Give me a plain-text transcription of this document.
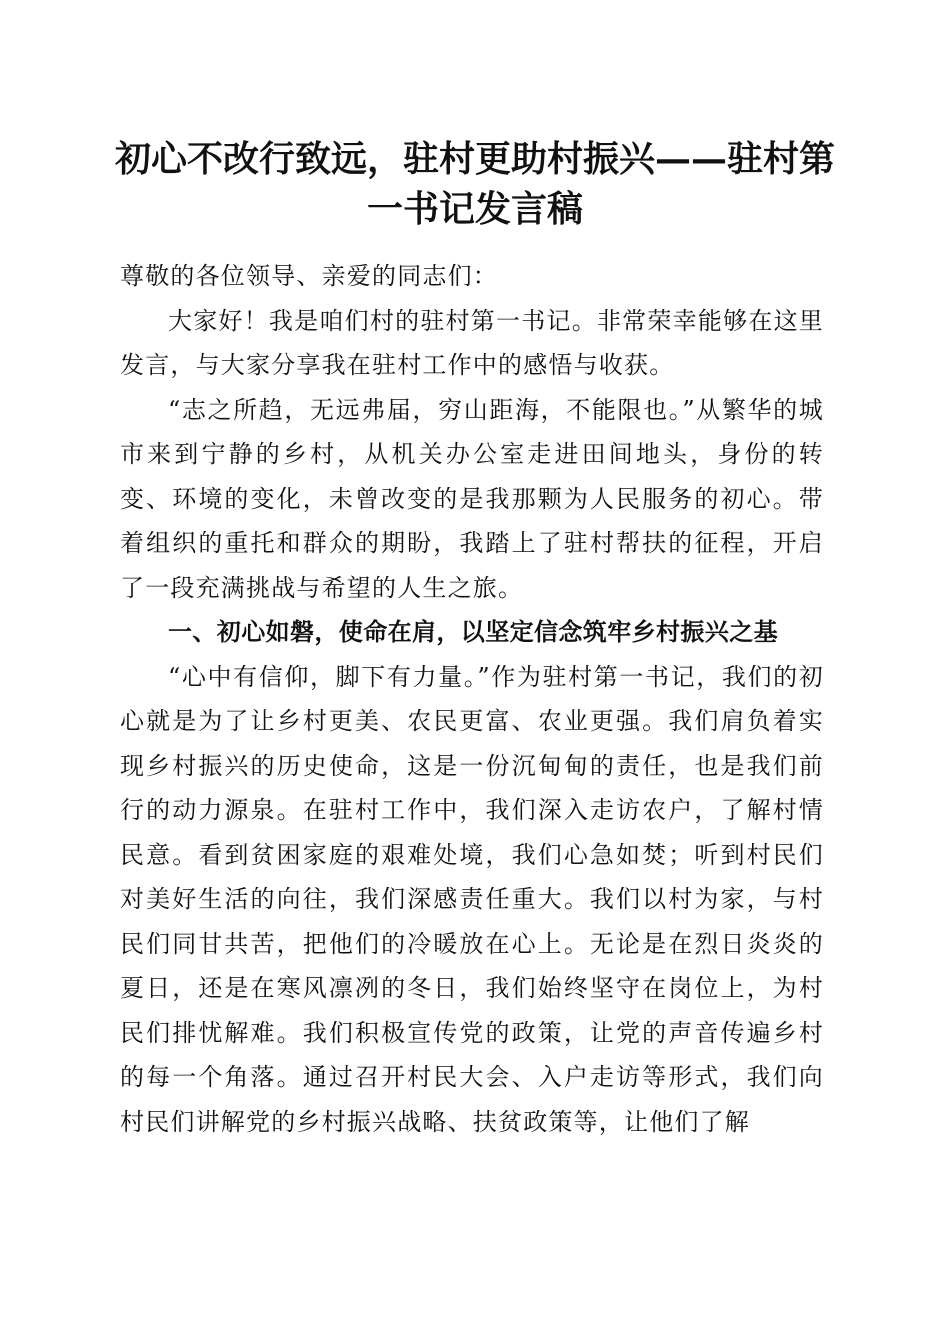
初心不改行致远，驻村更助村振兴——驻村第一书记发言稿

尊敬的各位领导、亲爱的同志们：

大家好！我是咱们村的驻村第一书记。非常荣幸能够在这里发言，与大家分享我在驻村工作中的感悟与收获。

“志之所趋，无远弗届，穷山距海，不能限也。”从繁华的城市来到宁静的乡村，从机关办公室走进田间地头，身份的转变、环境的变化，未曾改变的是我那颗为人民服务的初心。带着组织的重托和群众的期盼，我踏上了驻村帮扶的征程，开启了一段充满挑战与希望的人生之旅。

一、初心如磐，使命在肩，以坚定信念筑牢乡村振兴之基

“心中有信仰，脚下有力量。”作为驻村第一书记，我们的初心就是为了让乡村更美、农民更富、农业更强。我们肩负着实现乡村振兴的历史使命，这是一份沉甸甸的责任，也是我们前行的动力源泉。在驻村工作中，我们深入走访农户，了解村情民意。看到贫困家庭的艰难处境，我们心急如焚；听到村民们对美好生活的向往，我们深感责任重大。我们以村为家，与村民们同甘共苦，把他们的冷暖放在心上。无论是在烈日炎炎的夏日，还是在寒风凛冽的冬日，我们始终坚守在岗位上，为村民们排忧解难。我们积极宣传党的政策，让党的声音传遍乡村的每一个角落。通过召开村民大会、入户走访等形式，我们向村民们讲解党的乡村振兴战略、扶贫政策等，让他们了解
